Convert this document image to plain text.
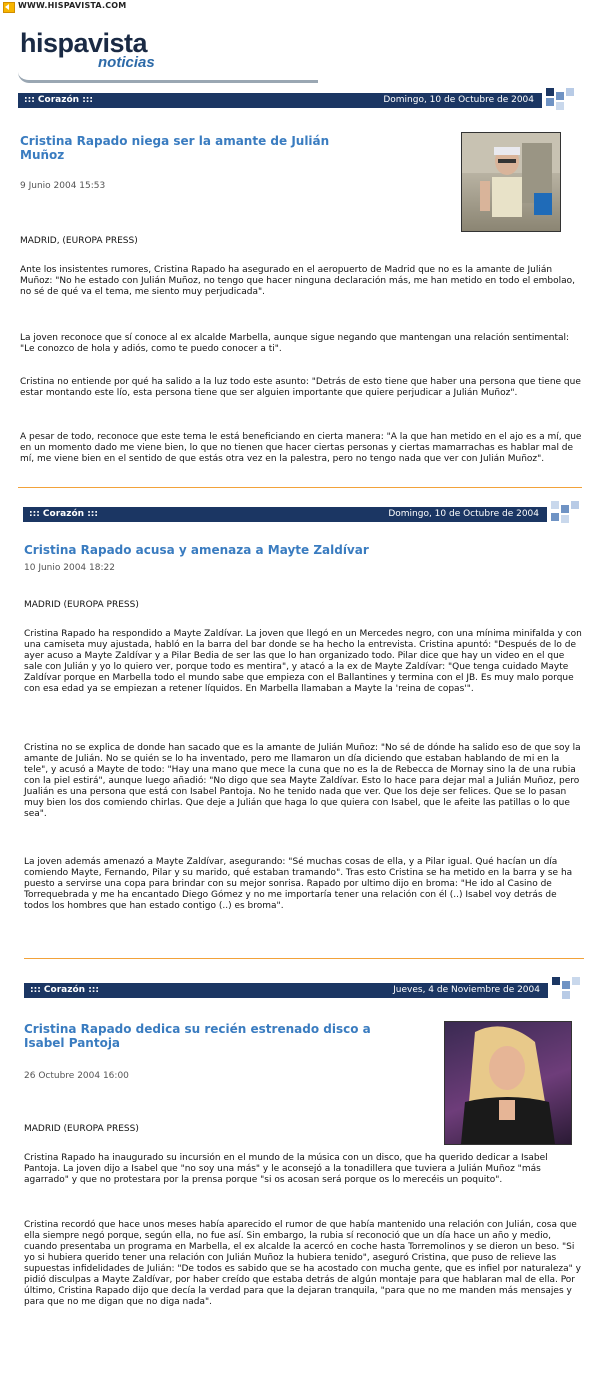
WWW.HISPAVISTA.COM
hispavista
noticias
::: Corazón :::	Domingo, 10 de Octubre de 2004
Cristina Rapado niega ser la amante de Julián Muñoz
9 Junio 2004 15:53
MADRID, (EUROPA PRESS)
Ante los insistentes rumores, Cristina Rapado ha asegurado en el aeropuerto de Madrid que no es la amante de Julián Muñoz: "No he estado con Julián Muñoz, no tengo que hacer ninguna declaración más, me han metido en todo el embolao, no sé de qué va el tema, me siento muy perjudicada".
La joven reconoce que sí conoce al ex alcalde Marbella, aunque sigue negando que mantengan una relación sentimental: "Le conozco de hola y adiós, como te puedo conocer a ti".
Cristina no entiende por qué ha salido a la luz todo este asunto: "Detrás de esto tiene que haber una persona que tiene que estar montando este lío, esta persona tiene que ser alguien importante que quiere perjudicar a Julián Muñoz".
A pesar de todo, reconoce que este tema le está beneficiando en cierta manera: "A la que han metido en el ajo es a mí, que en un momento dado me viene bien, lo que no tienen que hacer ciertas personas y ciertas mamarrachas es hablar mal de mí, me viene bien en el sentido de que estás otra vez en la palestra, pero no tengo nada que ver con Julián Muñoz".
::: Corazón :::	Domingo, 10 de Octubre de 2004
Cristina Rapado acusa y amenaza a Mayte Zaldívar
10 Junio 2004 18:22
MADRID (EUROPA PRESS)
Cristina Rapado ha respondido a Mayte Zaldívar. La joven que llegó en un Mercedes negro, con una mínima minifalda y con una camiseta muy ajustada, habló en la barra del bar donde se ha hecho la entrevista. Cristina apuntó: "Después de lo de ayer acuso a Mayte Zaldívar y a Pilar Bedia de ser las que lo han organizado todo. Pilar dice que hay un video en el que sale con Julián y yo lo quiero ver, porque todo es mentira", y atacó a la ex de Mayte Zaldívar: "Que tenga cuidado Mayte Zaldívar porque en Marbella todo el mundo sabe que empieza con el Ballantines y termina con el JB. Es muy malo porque con esa edad ya se empiezan a retener líquidos. En Marbella llamaban a Mayte la 'reina de copas'".
Cristina no se explica de donde han sacado que es la amante de Julián Muñoz: "No sé de dónde ha salido eso de que soy la amante de Julián. No se quién se lo ha inventado, pero me llamaron un día diciendo que estaban hablando de mi en la tele", y acusó a Mayte de todo: "Hay una mano que mece la cuna que no es la de Rebecca de Mornay sino la de una rubia con la piel estirá", aunque luego añadió: "No digo que sea Mayte Zaldívar. Esto lo hace para dejar mal a Julián Muñoz, pero Jualián es una persona que está con Isabel Pantoja. No he tenido nada que ver. Que los deje ser felices. Que se lo pasan muy bien los dos comiendo chirlas. Que deje a Julián que haga lo que quiera con Isabel, que le afeite las patillas o lo que sea".
La joven además amenazó a Mayte Zaldívar, asegurando: "Sé muchas cosas de ella, y a Pilar igual. Qué hacían un día comiendo Mayte, Fernando, Pilar y su marido, qué estaban tramando". Tras esto Cristina se ha metido en la barra y se ha puesto a servirse una copa para brindar con su mejor sonrisa. Rapado por ultimo dijo en broma: "He ido al Casino de Torrequebrada y me ha encantado Diego Gómez y no me importaría tener una relación con él (..) Isabel voy detrás de todos los hombres que han estado contigo (..) es broma".
::: Corazón :::	Jueves, 4 de Noviembre de 2004
Cristina Rapado dedica su recién estrenado disco a Isabel Pantoja
26 Octubre 2004 16:00
MADRID (EUROPA PRESS)
Cristina Rapado ha inaugurado su incursión en el mundo de la música con un disco, que ha querido dedicar a Isabel Pantoja. La joven dijo a Isabel que "no soy una más" y le aconsejó a la tonadillera que tuviera a Julián Muñoz "más agarrado" y que no protestara por la prensa porque "si os acosan será porque os lo merecéis un poquito".
Cristina recordó que hace unos meses había aparecido el rumor de que había mantenido una relación con Julián, cosa que ella siempre negó porque, según ella, no fue así. Sin embargo, la rubia sí reconoció que un día hace un año y medio, cuando presentaba un programa en Marbella, el ex alcalde la acercó en coche hasta Torremolinos y se dieron un beso. "Si yo si hubiera querido tener una relación con Julián Muñoz la hubiera tenido", aseguró Cristina, que puso de relieve las supuestas infidelidades de Julián: "De todos es sabido que se ha acostado con mucha gente, que es infiel por naturaleza" y pidió disculpas a Mayte Zaldívar, por haber creído que estaba detrás de algún montaje para que hablaran mal de ella. Por último, Cristina Rapado dijo que decía la verdad para que la dejaran tranquila, "para que no me manden más mensajes y para que no me digan que no diga nada".
